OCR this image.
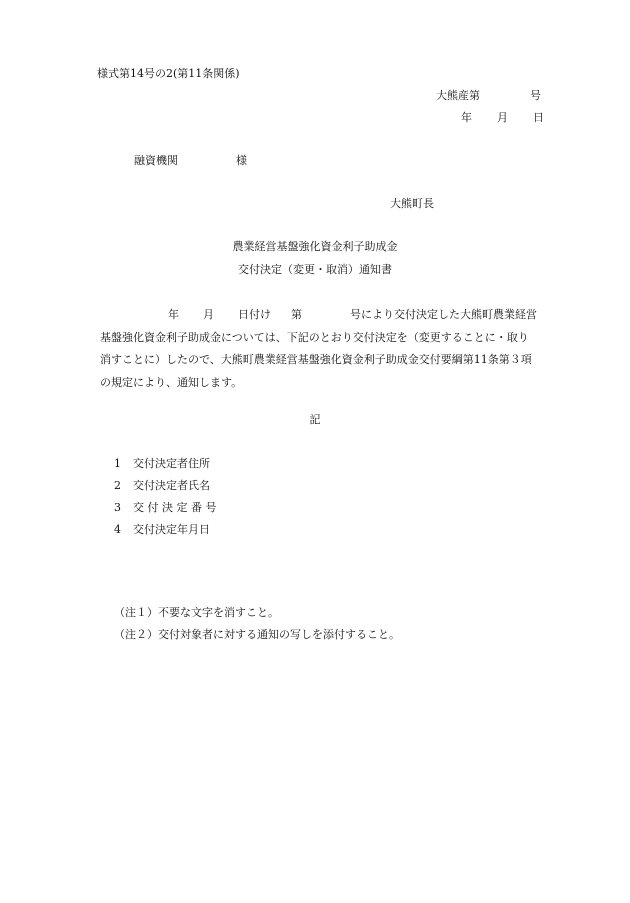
様式第14号の2(第11条関係)
大熊産第	号
年 月 日
融資機関	様
大熊町長
農業経営基盤強化資金利子助成金
交付決定（変更・取消）通知書
年 月 日付け 第	号により交付決定した大熊町農業経営
基盤強化資金利子助成金については、下記のとおり交付決定を（変更することに・取り
消すことに）したので、大熊町農業経営基盤強化資金利子助成金交付要綱第11条第３項
の規定により、通知します。
記
1	交付決定者住所
2	交付決定者氏名
3	交 付 決 定 番 号
4	交付決定年月日
（注１）不要な文字を消すこと。
（注２）交付対象者に対する通知の写しを添付すること。
